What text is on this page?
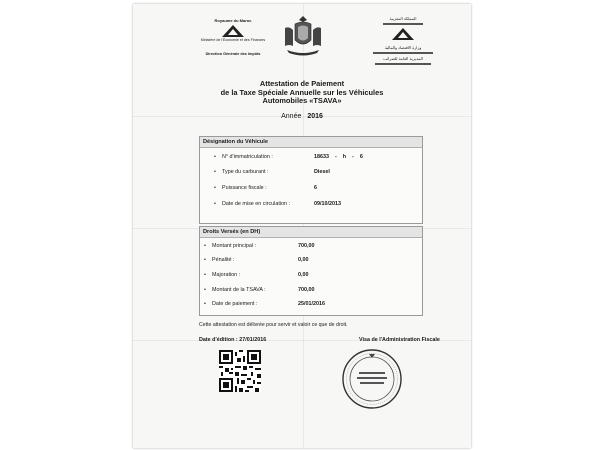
Royaume du Maroc
Ministère de l'Économie et des Finances
Direction Générale des Impôts
المملكة المغربية
وزارة الاقتصاد والمالية
المديرية العامة للضرائب
Attestation de Paiement
de la Taxe Spéciale Annuelle sur les Véhicules
Automobiles «TSAVA»
Année 2016
Désignation du Véhicule
• N° d'immatriculation :	18633    -    h    -    6
• Type du carburant :	Diesel
• Puissance fiscale :	6
• Date de mise en circulation :	09/10/2013
Droits Versés (en DH)
• Montant principal :	700,00
• Pénalité :	0,00
• Majoration :	0,00
• Montant de la TSAVA :	700,00
• Date de paiement :	25/01/2016
Cette attestation est délivrée pour servir et valoir ce que de droit.
Date d'édition : 27/01/2016	Visa de l'Administration Fiscale
